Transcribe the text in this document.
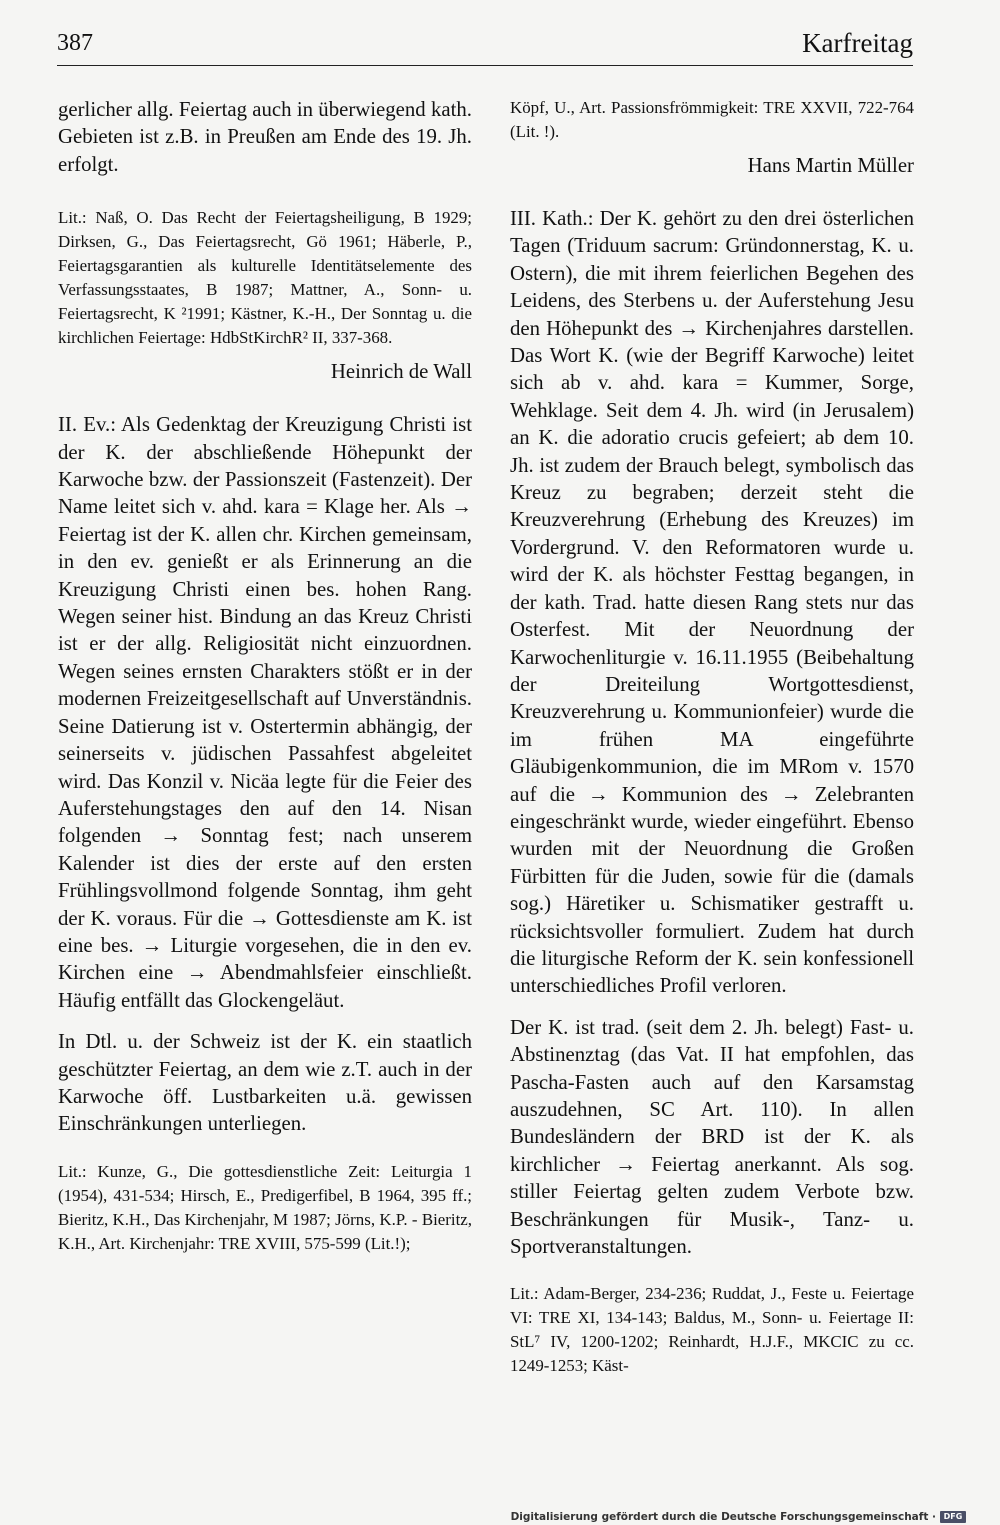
387	Karfreitag

gerlicher allg. Feiertag auch in überwiegend kath. Gebieten ist z.B. in Preußen am Ende des 19. Jh. erfolgt.

Lit.: Naß, O. Das Recht der Feiertagsheiligung, B 1929; Dirksen, G., Das Feiertagsrecht, Gö 1961; Häberle, P., Feiertagsgarantien als kulturelle Identitätselemente des Verfassungsstaates, B 1987; Mattner, A., Sonn- u. Feiertagsrecht, K ²1991; Kästner, K.-H., Der Sonntag u. die kirchlichen Feiertage: HdbStKirchR² II, 337-368.

Heinrich de Wall

II. Ev.: Als Gedenktag der Kreuzigung Christi ist der K. der abschließende Höhepunkt der Karwoche bzw. der Passionszeit (Fastenzeit). Der Name leitet sich v. ahd. kara = Klage her. Als → Feiertag ist der K. allen chr. Kirchen gemeinsam, in den ev. genießt er als Erinnerung an die Kreuzigung Christi einen bes. hohen Rang. Wegen seiner hist. Bindung an das Kreuz Christi ist er der allg. Religiosität nicht einzuordnen. Wegen seines ernsten Charakters stößt er in der modernen Freizeitgesellschaft auf Unverständnis. Seine Datierung ist v. Ostertermin abhängig, der seinerseits v. jüdischen Passahfest abgeleitet wird. Das Konzil v. Nicäa legte für die Feier des Auferstehungstages den auf den 14. Nisan folgenden → Sonntag fest; nach unserem Kalender ist dies der erste auf den ersten Frühlingsvollmond folgende Sonntag, ihm geht der K. voraus. Für die → Gottesdienste am K. ist eine bes. → Liturgie vorgesehen, die in den ev. Kirchen eine → Abendmahlsfeier einschließt. Häufig entfällt das Glockengeläut.

In Dtl. u. der Schweiz ist der K. ein staatlich geschützter Feiertag, an dem wie z.T. auch in der Karwoche öff. Lustbarkeiten u.ä. gewissen Einschränkungen unterliegen.

Lit.: Kunze, G., Die gottesdienstliche Zeit: Leiturgia 1 (1954), 431-534; Hirsch, E., Predigerfibel, B 1964, 395 ff.; Bieritz, K.H., Das Kirchenjahr, M 1987; Jörns, K.P. - Bieritz, K.H., Art. Kirchenjahr: TRE XVIII, 575-599 (Lit.!);

Köpf, U., Art. Passionsfrömmigkeit: TRE XXVII, 722-764 (Lit. !).

Hans Martin Müller

III. Kath.: Der K. gehört zu den drei österlichen Tagen (Triduum sacrum: Gründonnerstag, K. u. Ostern), die mit ihrem feierlichen Begehen des Leidens, des Sterbens u. der Auferstehung Jesu den Höhepunkt des → Kirchenjahres darstellen. Das Wort K. (wie der Begriff Karwoche) leitet sich ab v. ahd. kara = Kummer, Sorge, Wehklage. Seit dem 4. Jh. wird (in Jerusalem) an K. die adoratio crucis gefeiert; ab dem 10. Jh. ist zudem der Brauch belegt, symbolisch das Kreuz zu begraben; derzeit steht die Kreuzverehrung (Erhebung des Kreuzes) im Vordergrund. V. den Reformatoren wurde u. wird der K. als höchster Festtag begangen, in der kath. Trad. hatte diesen Rang stets nur das Osterfest. Mit der Neuordnung der Karwochenliturgie v. 16.11.1955 (Beibehaltung der Dreiteilung Wortgottesdienst, Kreuzverehrung u. Kommunionfeier) wurde die im frühen MA eingeführte Gläubigenkommunion, die im MRom v. 1570 auf die → Kommunion des → Zelebranten eingeschränkt wurde, wieder eingeführt. Ebenso wurden mit der Neuordnung die Großen Fürbitten für die Juden, sowie für die (damals sog.) Häretiker u. Schismatiker gestrafft u. rücksichtsvoller formuliert. Zudem hat durch die liturgische Reform der K. sein konfessionell unterschiedliches Profil verloren.

Der K. ist trad. (seit dem 2. Jh. belegt) Fast- u. Abstinenztag (das Vat. II hat empfohlen, das Pascha-Fasten auch auf den Karsamstag auszudehnen, SC Art. 110). In allen Bundesländern der BRD ist der K. als kirchlicher → Feiertag anerkannt. Als sog. stiller Feiertag gelten zudem Verbote bzw. Beschränkungen für Musik-, Tanz- u. Sportveranstaltungen.

Lit.: Adam-Berger, 234-236; Ruddat, J., Feste u. Feiertage VI: TRE XI, 134-143; Baldus, M., Sonn- u. Feiertage II: StL⁷ IV, 1200-1202; Reinhardt, H.J.F., MKCIC zu cc. 1249-1253; Käst-

Digitalisierung gefördert durch die Deutsche Forschungsgemeinschaft · DFG
